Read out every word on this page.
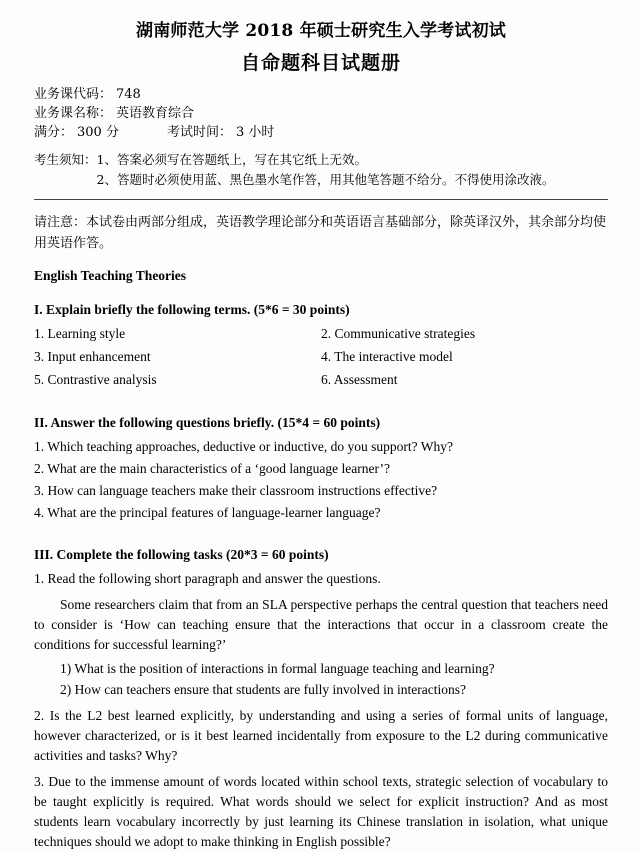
湖南师范大学 2018 年硕士研究生入学考试初试
自命题科目试题册
业务课代码： 748
业务课名称： 英语教育综合
满分： 300 分	考试时间： 3 小时
考生须知： 1、答案必须写在答题纸上，写在其它纸上无效。
2、答题时必须使用蓝、黑色墨水笔作答，用其他笔答题不给分。不得使用涂改液。
请注意：本试卷由两部分组成，英语教学理论部分和英语语言基础部分，除英译汉外，其余部分均使用英语作答。
English Teaching Theories
I. Explain briefly the following terms. (5*6 = 30 points)
1. Learning style	2. Communicative strategies
3. Input enhancement	4. The interactive model
5. Contrastive analysis	6. Assessment
II. Answer the following questions briefly. (15*4 = 60 points)
1. Which teaching approaches, deductive or inductive, do you support? Why?
2. What are the main characteristics of a ‘good language learner’?
3. How can language teachers make their classroom instructions effective?
4. What are the principal features of language-learner language?
III. Complete the following tasks (20*3 = 60 points)
1. Read the following short paragraph and answer the questions.
Some researchers claim that from an SLA perspective perhaps the central question that teachers need to consider is ‘How can teaching ensure that the interactions that occur in a classroom create the conditions for successful learning?’
1) What is the position of interactions in formal language teaching and learning?
2) How can teachers ensure that students are fully involved in interactions?
2. Is the L2 best learned explicitly, by understanding and using a series of formal units of language, however characterized, or is it best learned incidentally from exposure to the L2 during communicative activities and tasks? Why?
3. Due to the immense amount of words located within school texts, strategic selection of vocabulary to be taught explicitly is required. What words should we select for explicit instruction? And as most students learn vocabulary incorrectly by just learning its Chinese translation in isolation, what unique techniques should we adopt to make thinking in English possible?
